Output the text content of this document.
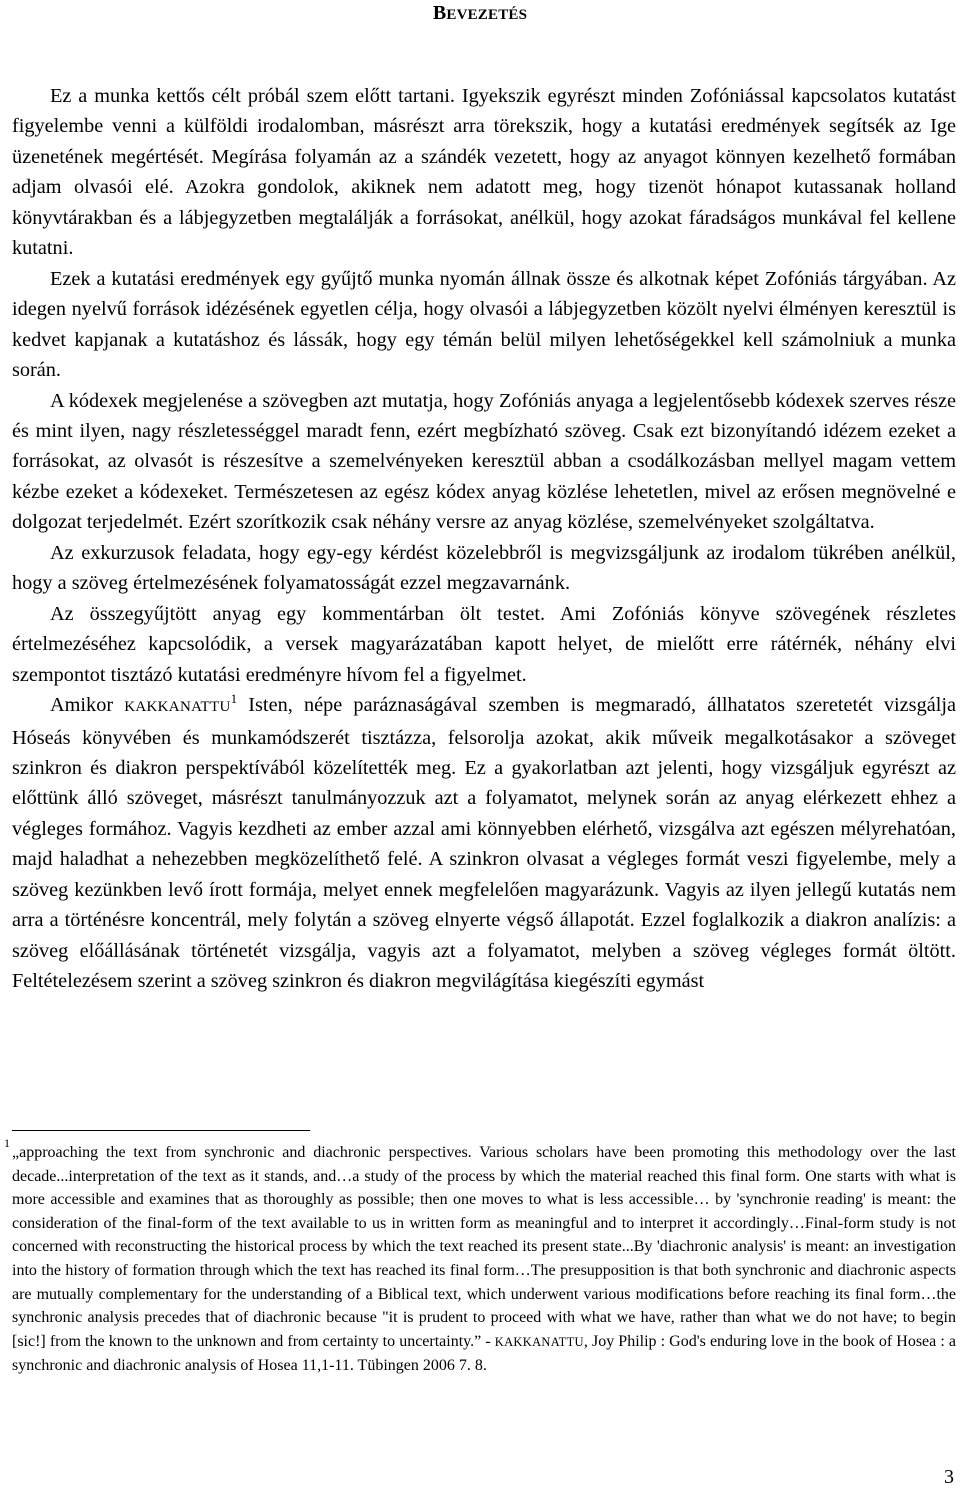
BEVEZETÉS

Ez a munka kettős célt próbál szem előtt tartani. Igyekszik egyrészt minden Zofóniással kapcsolatos kutatást figyelembe venni a külföldi irodalomban, másrészt arra törekszik, hogy a kutatási eredmények segítsék az Ige üzenetének megértését. Megírása folyamán az a szándék vezetett, hogy az anyagot könnyen kezelhető formában adjam olvasói elé. Azokra gondolok, akiknek nem adatott meg, hogy tizenöt hónapot kutassanak holland könyvtárakban és a lábjegyzetben megtalálják a forrásokat, anélkül, hogy azokat fáradságos munkával fel kellene kutatni.

Ezek a kutatási eredmények egy gyűjtő munka nyomán állnak össze és alkotnak képet Zofóniás tárgyában. Az idegen nyelvű források idézésének egyetlen célja, hogy olvasói a lábjegyzetben közölt nyelvi élményen keresztül is kedvet kapjanak a kutatáshoz és lássák, hogy egy témán belül milyen lehetőségekkel kell számolniuk a munka során.

A kódexek megjelenése a szövegben azt mutatja, hogy Zofóniás anyaga a legjelentősebb kódexek szerves része és mint ilyen, nagy részletességgel maradt fenn, ezért megbízható szöveg. Csak ezt bizonyítandó idézem ezeket a forrásokat, az olvasót is részesítve a szemelvényeken keresztül abban a csodálkozásban mellyel magam vettem kézbe ezeket a kódexeket. Természetesen az egész kódex anyag közlése lehetetlen, mivel az erősen megnövelné e dolgozat terjedelmét. Ezért szorítkozik csak néhány versre az anyag közlése, szemelvényeket szolgáltatva.

Az exkurzusok feladata, hogy egy-egy kérdést közelebbről is megvizsgáljunk az irodalom tükrében anélkül, hogy a szöveg értelmezésének folyamatosságát ezzel megzavarnánk.

Az összegyűjtött anyag egy kommentárban ölt testet. Ami Zofóniás könyve szövegének részletes értelmezéséhez kapcsolódik, a versek magyarázatában kapott helyet, de mielőtt erre rátérnék, néhány elvi szempontot tisztázó kutatási eredményre hívom fel a figyelmet.

Amikor KAKKANATTU$^1$ Isten, népe paráznaságával szemben is megmaradó, állhatatos szeretetét vizsgálja Hóseás könyvében és munkamódszerét tisztázza, felsorolja azokat, akik műveik megalkotásakor a szöveget szinkron és diakron perspektívából közelítették meg. Ez a gyakorlatban azt jelenti, hogy vizsgáljuk egyrészt az előttünk álló szöveget, másrészt tanulmányozzuk azt a folyamatot, melynek során az anyag elérkezett ehhez a végleges formához. Vagyis kezdheti az ember azzal ami könnyebben elérhető, vizsgálva azt egészen mélyrehatóan, majd haladhat a nehezebben megközelíthető felé. A szinkron olvasat a végleges formát veszi figyelembe, mely a szöveg kezünkben levő írott formája, melyet ennek megfelelően magyarázunk. Vagyis az ilyen jellegű kutatás nem arra a történésre koncentrál, mely folytán a szöveg elnyerte végső állapotát. Ezzel foglalkozik a diakron analízis: a szöveg előállásának történetét vizsgálja, vagyis azt a folyamatot, melyben a szöveg végleges formát öltött. Feltételezésem szerint a szöveg szinkron és diakron megvilágítása kiegészíti egymást

1
„approaching the text from synchronic and diachronic perspectives. Various scholars have been promoting this methodology over the last decade...interpretation of the text as it stands, and…a study of the process by which the material reached this final form. One starts with what is more accessible and examines that as thoroughly as possible; then one moves to what is less accessible… by 'synchronie reading' is meant: the consideration of the final-form of the text available to us in written form as meaningful and to interpret it accordingly…Final-form study is not concerned with reconstructing the historical process by which the text reached its present state...By 'diachronic analysis' is meant: an investigation into the history of formation through which the text has reached its final form…The presupposition is that both synchronic and diachronic aspects are mutually complementary for the understanding of a Biblical text, which underwent various modifications before reaching its final form…the synchronic analysis precedes that of diachronic because "it is prudent to proceed with what we have, rather than what we do not have; to begin [sic!] from the known to the unknown and from certainty to uncertainty.” - KAKKANATTU, Joy Philip : God's enduring love in the book of Hosea : a synchronic and diachronic analysis of Hosea 11,1-11. Tübingen 2006 7. 8.
3
